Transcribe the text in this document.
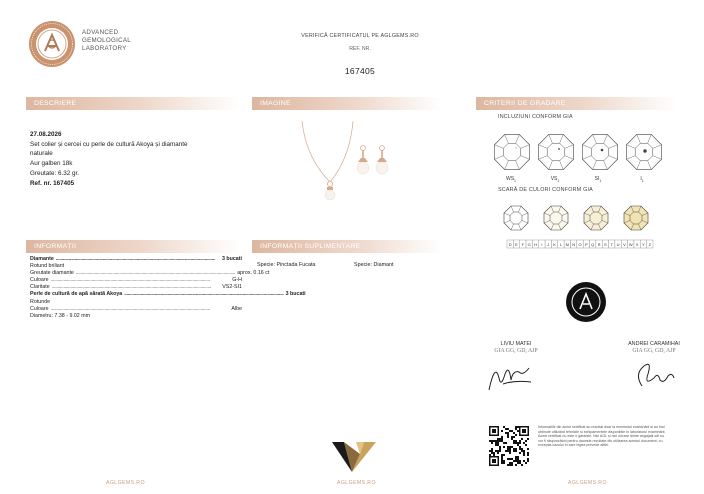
ADVANCED
GEMOLOGICAL
LABORATORY
VERIFICĂ CERTIFICATUL PE AGLGEMS.RO
REF. NR.
167405
DESCRIERE	IMAGINE	CRITERII DE GRADARE
INFORMAȚII	INFORMAȚII SUPLIMENTARE
27.08.2026
Set colier și cercei cu perle de cultură Akoya și diamante
naturale
Aur galben 18k
Greutate: 6.32 gr.
Ref. nr. 167405
Diamante ........................................................................................................................................	3 bucati
Rotund briliant
Greutate diamante ........................................................................................................................................ aprox. 0.16 ct
Culoare ........................................................................................................................................	G-H
Claritate ........................................................................................................................................	VS2-SI1
Perle de cultură de apă sărată Akoya ........................................................................................................................................ 3 bucati
Rotunde
Culoare ........................................................................................................................................	Albe
Diametru: 7.38 - 9.02 mm
Specie: Pinctada Fucata	Specie: Diamant
INCLUZIUNI CONFORM GIA
$WS_1$	$VS_1$	$SI_1$	$I_1$
SCARĂ DE CULORI CONFORM GIA
D E F G H I J K L M N O P Q R S T U V W X Y Z
LIVIU MATEI
GIA GG, GD, AJP
ANDREI CARAMIHAI
GIA GG, GD, AJP
Informațiile din acest certificat au rezultat doar la momentul examinării și au fost obținute utilizând tehnicile și echipamentele disponibile în laboratorul examinării. Acest certificat nu este o garanție. Nici AGL și nici oricare dintre angajații săi nu vor fi răspunzători pentru daunele rezultate din utilizarea acestui document, cu excepția cazului în care legea prevede altfel.
AGLGEMS.RO	AGLGEMS.RO	AGLGEMS.RO
